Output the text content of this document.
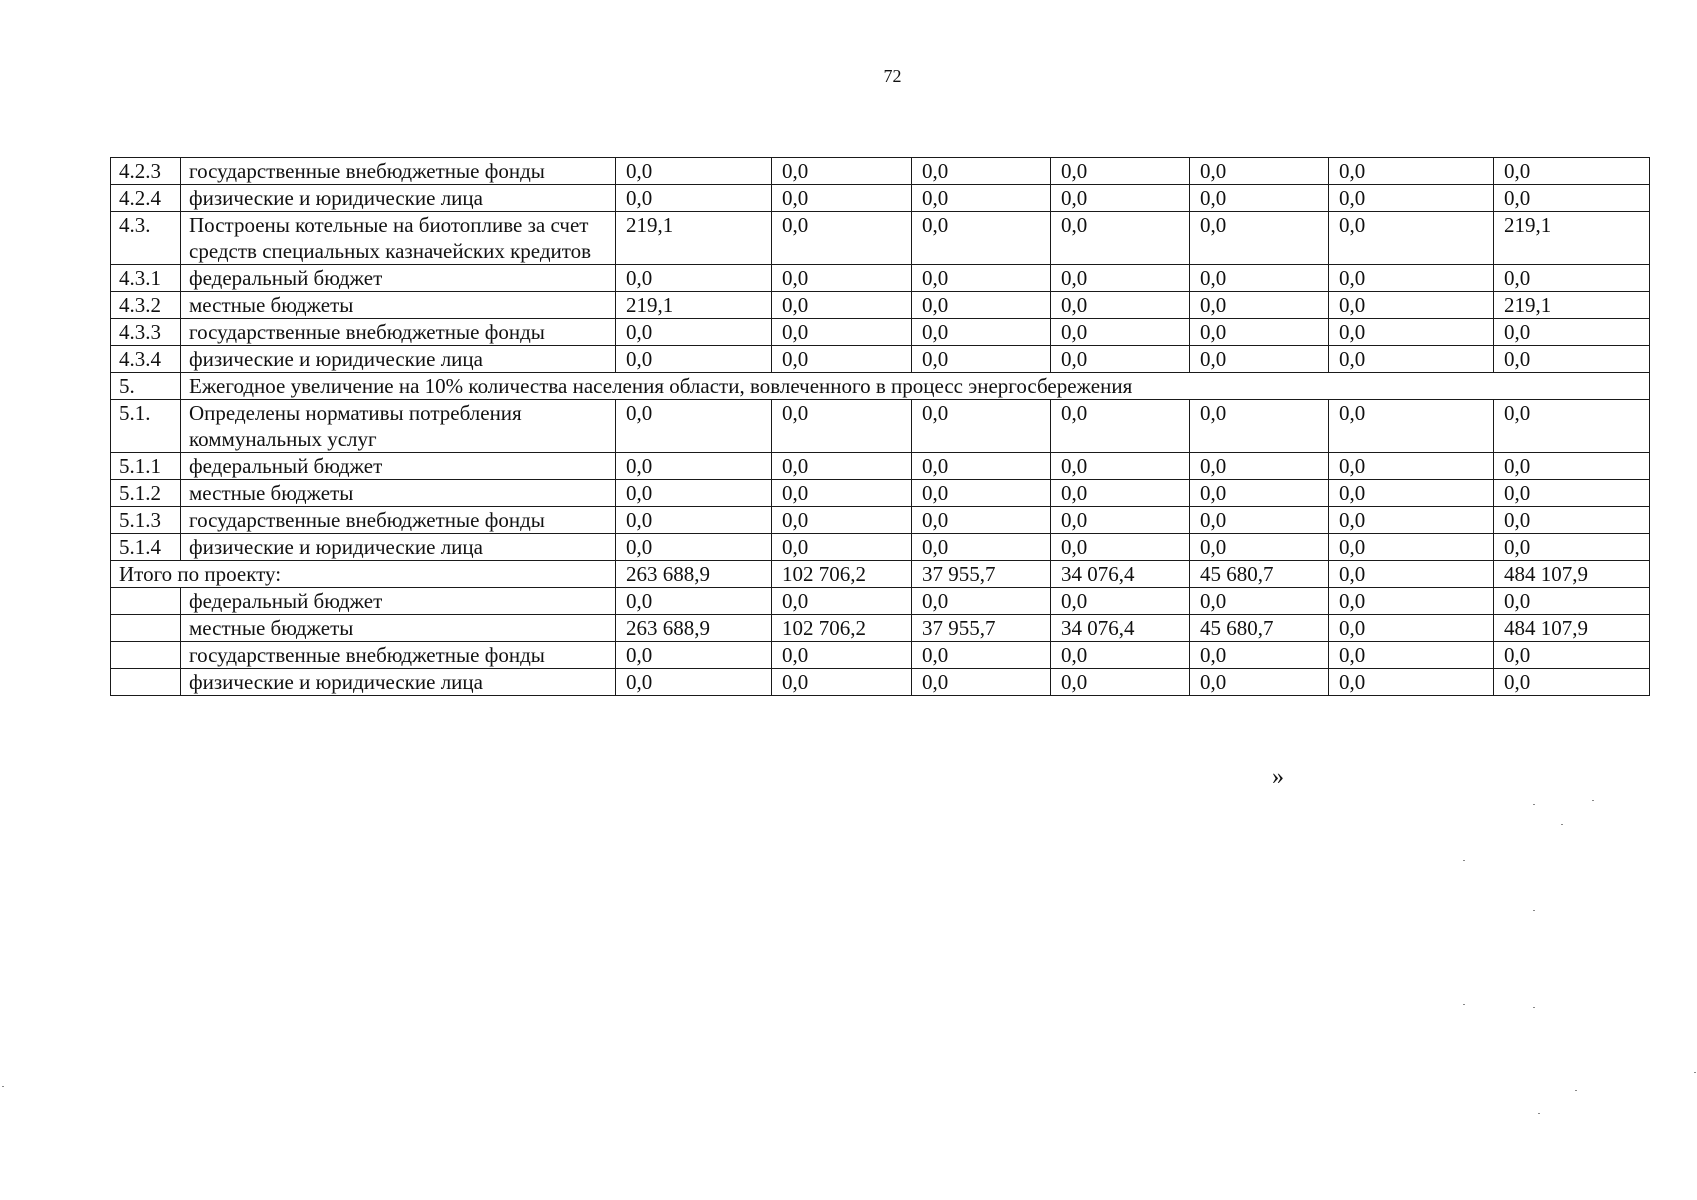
72
4.2.3	государственные внебюджетные фонды	0,0	0,0	0,0	0,0	0,0	0,0	0,0
4.2.4	физические и юридические лица	0,0	0,0	0,0	0,0	0,0	0,0	0,0
4.3.	Построены котельные на биотопливе за счет средств специальных казначейских кредитов	219,1	0,0	0,0	0,0	0,0	0,0	219,1
4.3.1	федеральный бюджет	0,0	0,0	0,0	0,0	0,0	0,0	0,0
4.3.2	местные бюджеты	219,1	0,0	0,0	0,0	0,0	0,0	219,1
4.3.3	государственные внебюджетные фонды	0,0	0,0	0,0	0,0	0,0	0,0	0,0
4.3.4	физические и юридические лица	0,0	0,0	0,0	0,0	0,0	0,0	0,0
5.	Ежегодное увеличение на 10% количества населения области, вовлеченного в процесс энергосбережения							
5.1.	Определены нормативы потребления коммунальных услуг	0,0	0,0	0,0	0,0	0,0	0,0	0,0
5.1.1	федеральный бюджет	0,0	0,0	0,0	0,0	0,0	0,0	0,0
5.1.2	местные бюджеты	0,0	0,0	0,0	0,0	0,0	0,0	0,0
5.1.3	государственные внебюджетные фонды	0,0	0,0	0,0	0,0	0,0	0,0	0,0
5.1.4	физические и юридические лица	0,0	0,0	0,0	0,0	0,0	0,0	0,0
Итого по проекту:		263 688,9	102 706,2	37 955,7	34 076,4	45 680,7	0,0	484 107,9
	федеральный бюджет	0,0	0,0	0,0	0,0	0,0	0,0	0,0
	местные бюджеты	263 688,9	102 706,2	37 955,7	34 076,4	45 680,7	0,0	484 107,9
	государственные внебюджетные фонды	0,0	0,0	0,0	0,0	0,0	0,0	0,0
	физические и юридические лица	0,0	0,0	0,0	0,0	0,0	0,0	0,0
»
